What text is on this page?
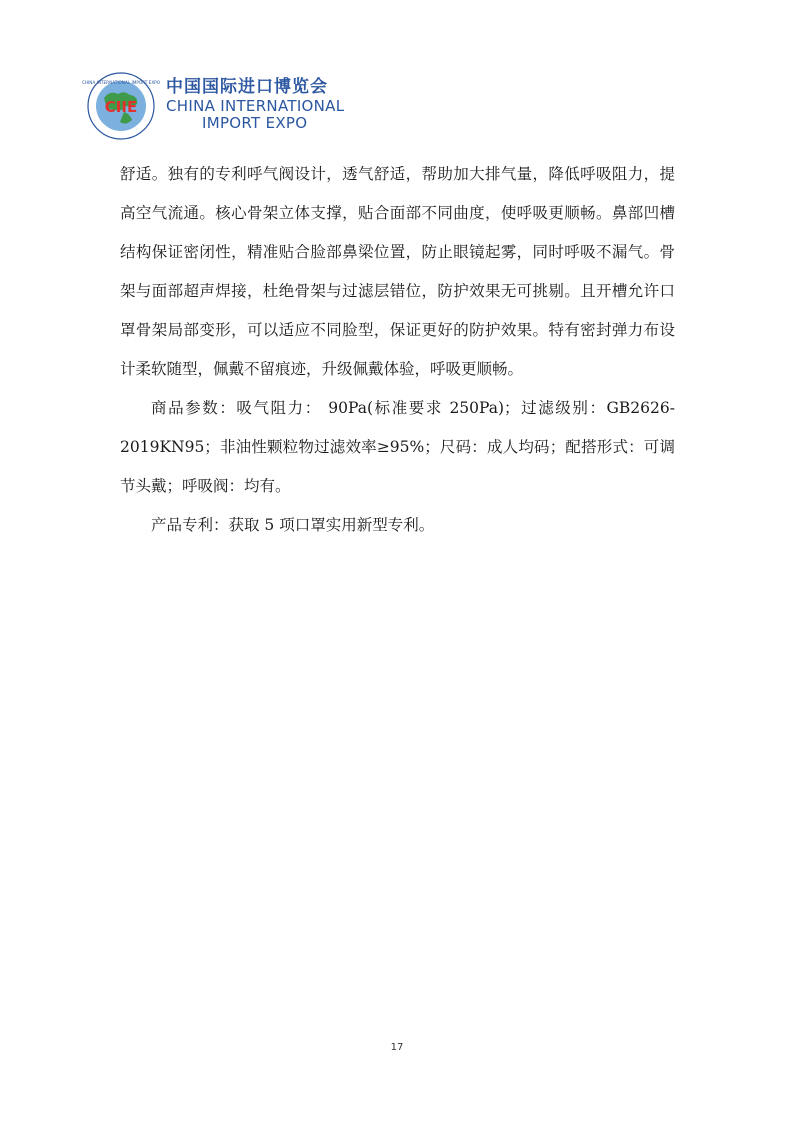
CHINA INTERNATIONAL IMPORT EXPO
CIIE
中国国际进口博览会
CHINA INTERNATIONAL
IMPORT EXPO

舒适。独有的专利呼气阀设计，透气舒适，帮助加大排气量，降低呼吸阻力，提高空气流通。核心骨架立体支撑，贴合面部不同曲度，使呼吸更顺畅。鼻部凹槽结构保证密闭性，精准贴合脸部鼻梁位置，防止眼镜起雾，同时呼吸不漏气。骨架与面部超声焊接，杜绝骨架与过滤层错位，防护效果无可挑剔。且开槽允许口罩骨架局部变形，可以适应不同脸型，保证更好的防护效果。特有密封弹力布设计柔软随型，佩戴不留痕迹，升级佩戴体验，呼吸更顺畅。

商品参数：吸气阻力： 90Pa(标准要求 250Pa)；过滤级别：GB2626-2019KN95；非油性颗粒物过滤效率≥95%；尺码：成人均码；配搭形式：可调节头戴；呼吸阀：均有。

产品专利：获取 5 项口罩实用新型专利。

17
